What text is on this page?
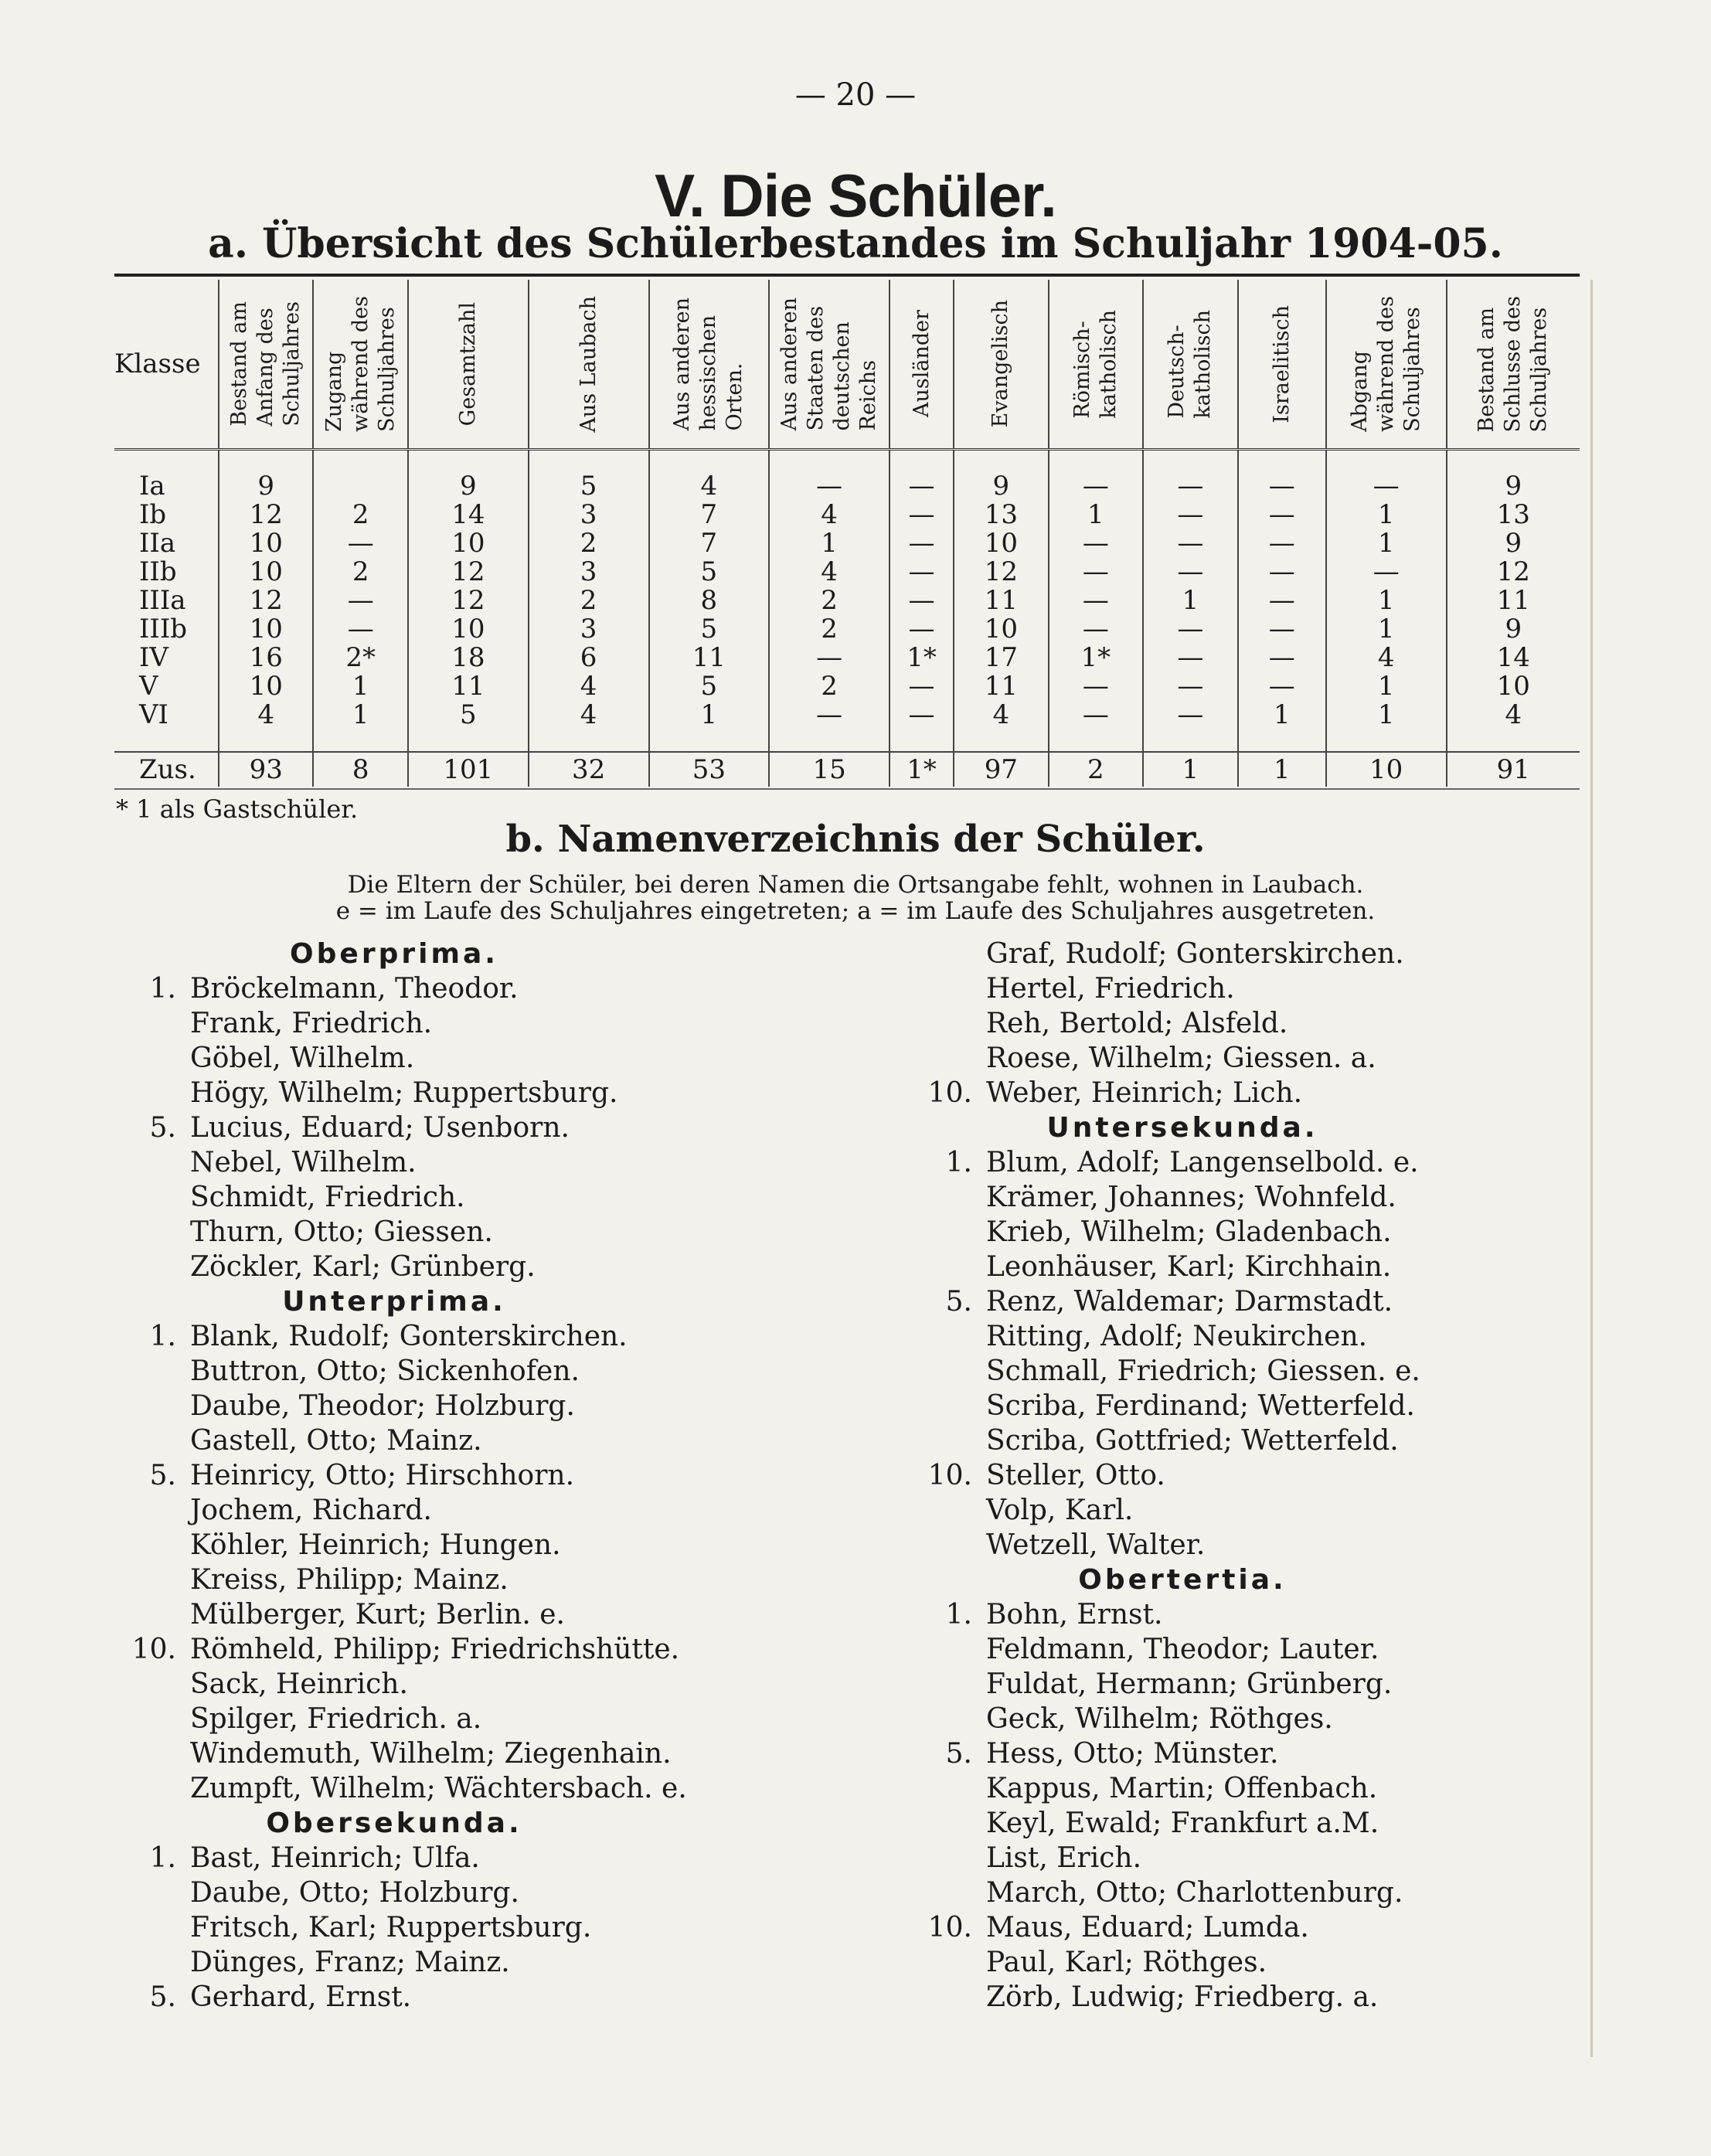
— 20 —
V. Die Schüler.
a. Übersicht des Schülerbestandes im Schuljahr 1904-05.
Klasse	Bestand am
Anfang des
Schuljahres	Zugang
während des
Schuljahres	Gesamtzahl	Aus Laubach	Aus anderen
hessischen
Orten.	Aus anderen
Staaten des
deutschen
Reichs	Ausländer	Evangelisch	Römisch-
katholisch	Deutsch-
katholisch	Israelitisch	Abgang
während des
Schuljahres	Bestand am
Schlusse des
Schuljahres

Ia	9		9	5	4	—	—	9	—	—	—	—	9
Ib	12	2	14	3	7	4	—	13	1	—	—	1	13
IIa	10	—	10	2	7	1	—	10	—	—	—	1	9
IIb	10	2	12	3	5	4	—	12	—	—	—	—	12
IIIa	12	—	12	2	8	2	—	11	—	1	—	1	11
IIIb	10	—	10	3	5	2	—	10	—	—	—	1	9
IV	16	2*	18	6	11	—	1*	17	1*	—	—	4	14
V	10	1	11	4	5	2	—	11	—	—	—	1	10
VI	4	1	5	4	1	—	—	4	—	—	1	1	4

Zus.	93	8	101	32	53	15	1*	97	2	1	1	10	91
* 1 als Gastschüler.
b. Namenverzeichnis der Schüler.
Die Eltern der Schüler, bei deren Namen die Ortsangabe fehlt, wohnen in Laubach.
e = im Laufe des Schuljahres eingetreten; a = im Laufe des Schuljahres ausgetreten.
Oberprima.
1. Bröckelmann, Theodor.
Frank, Friedrich.
Göbel, Wilhelm.
Högy, Wilhelm; Ruppertsburg.
5. Lucius, Eduard; Usenborn.
Nebel, Wilhelm.
Schmidt, Friedrich.
Thurn, Otto; Giessen.
Zöckler, Karl; Grünberg.
Unterprima.
1. Blank, Rudolf; Gonterskirchen.
Buttron, Otto; Sickenhofen.
Daube, Theodor; Holzburg.
Gastell, Otto; Mainz.
5. Heinricy, Otto; Hirschhorn.
Jochem, Richard.
Köhler, Heinrich; Hungen.
Kreiss, Philipp; Mainz.
Mülberger, Kurt; Berlin. e.
10. Römheld, Philipp; Friedrichshütte.
Sack, Heinrich.
Spilger, Friedrich. a.
Windemuth, Wilhelm; Ziegenhain.
Zumpft, Wilhelm; Wächtersbach. e.
Obersekunda.
1. Bast, Heinrich; Ulfa.
Daube, Otto; Holzburg.
Fritsch, Karl; Ruppertsburg.
Dünges, Franz; Mainz.
5. Gerhard, Ernst.
Graf, Rudolf; Gonterskirchen.
Hertel, Friedrich.
Reh, Bertold; Alsfeld.
Roese, Wilhelm; Giessen. a.
10. Weber, Heinrich; Lich.
Untersekunda.
1. Blum, Adolf; Langenselbold. e.
Krämer, Johannes; Wohnfeld.
Krieb, Wilhelm; Gladenbach.
Leonhäuser, Karl; Kirchhain.
5. Renz, Waldemar; Darmstadt.
Ritting, Adolf; Neukirchen.
Schmall, Friedrich; Giessen. e.
Scriba, Ferdinand; Wetterfeld.
Scriba, Gottfried; Wetterfeld.
10. Steller, Otto.
Volp, Karl.
Wetzell, Walter.
Obertertia.
1. Bohn, Ernst.
Feldmann, Theodor; Lauter.
Fuldat, Hermann; Grünberg.
Geck, Wilhelm; Röthges.
5. Hess, Otto; Münster.
Kappus, Martin; Offenbach.
Keyl, Ewald; Frankfurt a.M.
List, Erich.
March, Otto; Charlottenburg.
10. Maus, Eduard; Lumda.
Paul, Karl; Röthges.
Zörb, Ludwig; Friedberg. a.
